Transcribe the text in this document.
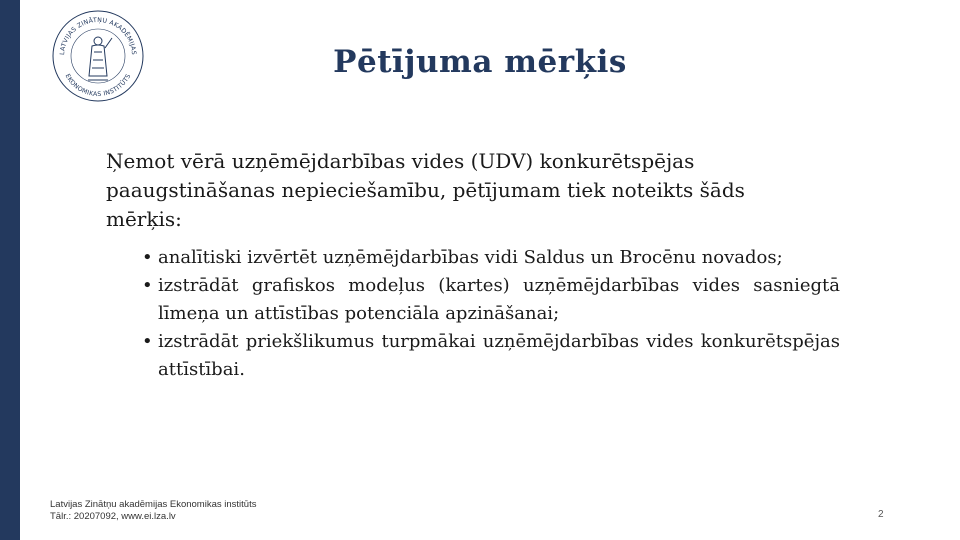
LATVIJAS ZINĀTŅU AKADĒMIJAS
EKONOMIKAS INSTITŪTS	Pētījuma mērķis
Ņemot vērā uzņēmējdarbības vides (UDV) konkurētspējas paaugstināšanas nepieciešamību, pētījumam tiek noteikts šāds mērķis:
• analītiski izvērtēt uzņēmējdarbības vidi Saldus un Brocēnu novados;
• izstrādāt grafiskos modeļus (kartes) uzņēmējdarbības vides sasniegtā līmeņa un attīstības potenciāla apzināšanai;
• izstrādāt priekšlikumus turpmākai uzņēmējdarbības vides konkurētspējas attīstībai.
Latvijas Zinātņu akadēmijas Ekonomikas institūts
Tālr.: 20207092, www.ei.lza.lv	2
